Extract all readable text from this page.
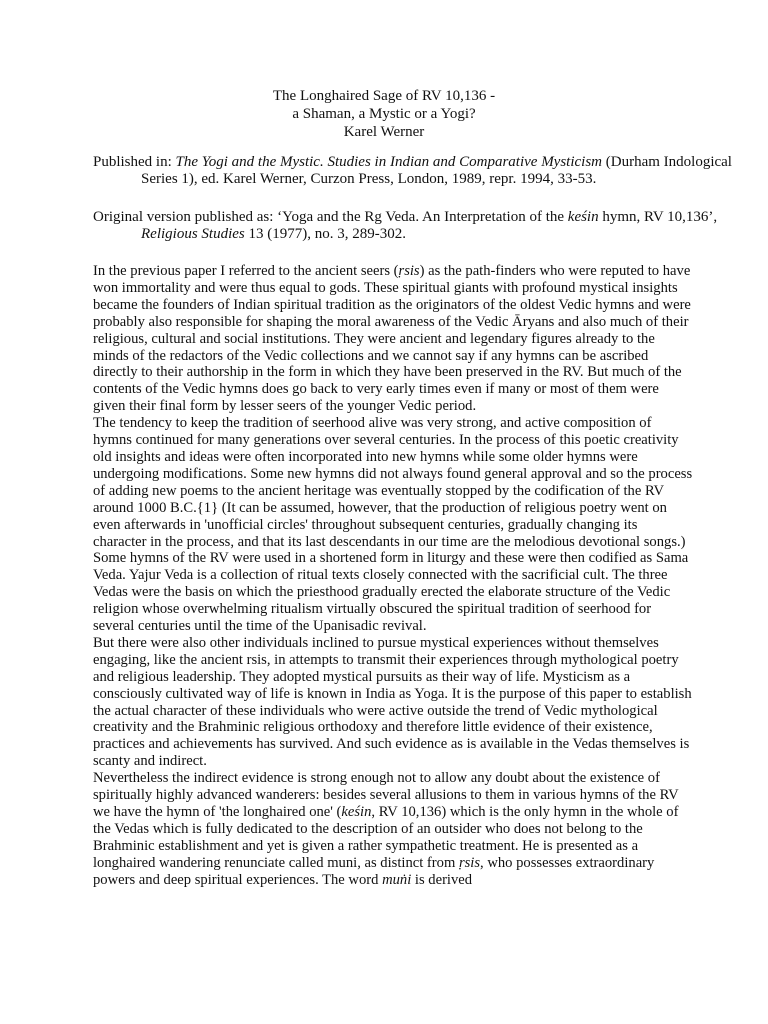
The Longhaired Sage of RV 10,136 -
a Shaman, a Mystic or a Yogi?
Karel Werner
Published in: The Yogi and the Mystic. Studies in Indian and Comparative Mysticism (Durham Indological Series 1), ed. Karel Werner, Curzon Press, London, 1989, repr. 1994, 33-53.
Original version published as: ‘Yoga and the Rg Veda. An Interpretation of the keśin hymn, RV 10,136’, Religious Studies 13 (1977), no. 3, 289-302.

In the previous paper I referred to the ancient seers (ṛsis) as the path-finders who were reputed to have won immortality and were thus equal to gods. These spiritual giants with profound mystical insights became the founders of Indian spiritual tradition as the originators of the oldest Vedic hymns and were probably also responsible for shaping the moral awareness of the Vedic Āryans and also much of their religious, cultural and social institutions. They were ancient and legendary figures already to the minds of the redactors of the Vedic collections and we cannot say if any hymns can be ascribed directly to their authorship in the form in which they have been preserved in the RV. But much of the contents of the Vedic hymns does go back to very early times even if many or most of them were given their final form by lesser seers of the younger Vedic period.

The tendency to keep the tradition of seerhood alive was very strong, and active composition of hymns continued for many generations over several centuries. In the process of this poetic creativity old insights and ideas were often incorporated into new hymns while some older hymns were undergoing modifications. Some new hymns did not always found general approval and so the process of adding new poems to the ancient heritage was eventually stopped by the codification of the RV around 1000 B.C.{1} (It can be assumed, however, that the production of religious poetry went on even afterwards in 'unofficial circles' throughout subsequent centuries, gradually changing its character in the process, and that its last descendants in our time are the melodious devotional songs.) Some hymns of the RV were used in a shortened form in liturgy and these were then codified as Sama Veda. Yajur Veda is a collection of ritual texts closely connected with the sacrificial cult. The three Vedas were the basis on which the priesthood gradually erected the elaborate structure of the Vedic religion whose overwhelming ritualism virtually obscured the spiritual tradition of seerhood for several centuries until the time of the Upanisadic revival.

But there were also other individuals inclined to pursue mystical experiences without themselves engaging, like the ancient rsis, in attempts to transmit their experiences through mythological poetry and religious leadership. They adopted mystical pursuits as their way of life. Mysticism as a consciously cultivated way of life is known in India as Yoga. It is the purpose of this paper to establish the actual character of these individuals who were active outside the trend of Vedic mythological creativity and the Brahminic religious orthodoxy and therefore little evidence of their existence, practices and achievements has survived. And such evidence as is available in the Vedas themselves is scanty and indirect.

Nevertheless the indirect evidence is strong enough not to allow any doubt about the existence of spiritually highly advanced wanderers: besides several allusions to them in various hymns of the RV we have the hymn of 'the longhaired one' (keśin, RV 10,136) which is the only hymn in the whole of the Vedas which is fully dedicated to the description of an outsider who does not belong to the Brahminic establishment and yet is given a rather sympathetic treatment. He is presented as a longhaired wandering renunciate called muni, as distinct from ṛsis, who possesses extraordinary powers and deep spiritual experiences. The word muṅi is derived
